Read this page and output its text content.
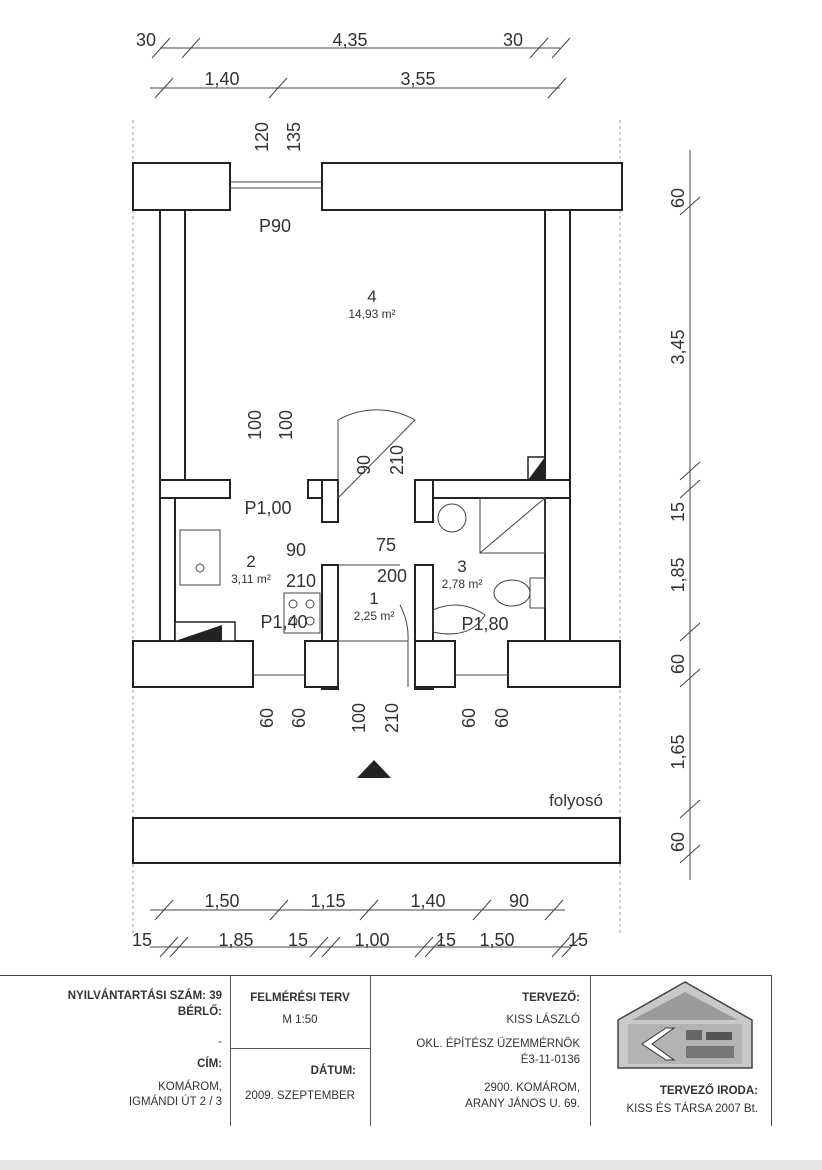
30	4,35	30
1,40	3,55
120 135
P90
P1,00
P1,40	P1,80
4
14,93 m²
2
3,11 m²
1
2,25 m²
3
2,78 m²
100 100
90 210
90
210
75
200
60
3,45
15
1,85
60
1,65
60
60 60 100 210	60 60
folyosó
1,50	1,15	1,40	90
15	1,85 15	1,00	15 1,50	15
NYILVÁNTARTÁSI SZÁM: 39
BÉRLŐ:
-
CÍM:
KOMÁROM,
IGMÁNDI ÚT 2 / 3
FELMÉRÉSI TERV
M 1:50
DÁTUM:
2009. SZEPTEMBER
TERVEZŐ:
KISS LÁSZLÓ
OKL. ÉPÍTÉSZ ÜZEMMÉRNÖK
É3-11-0136
2900. KOMÁROM,
ARANY JÁNOS U. 69.
TERVEZŐ IRODA:
KISS ÉS TÁRSA 2007 Bt.
